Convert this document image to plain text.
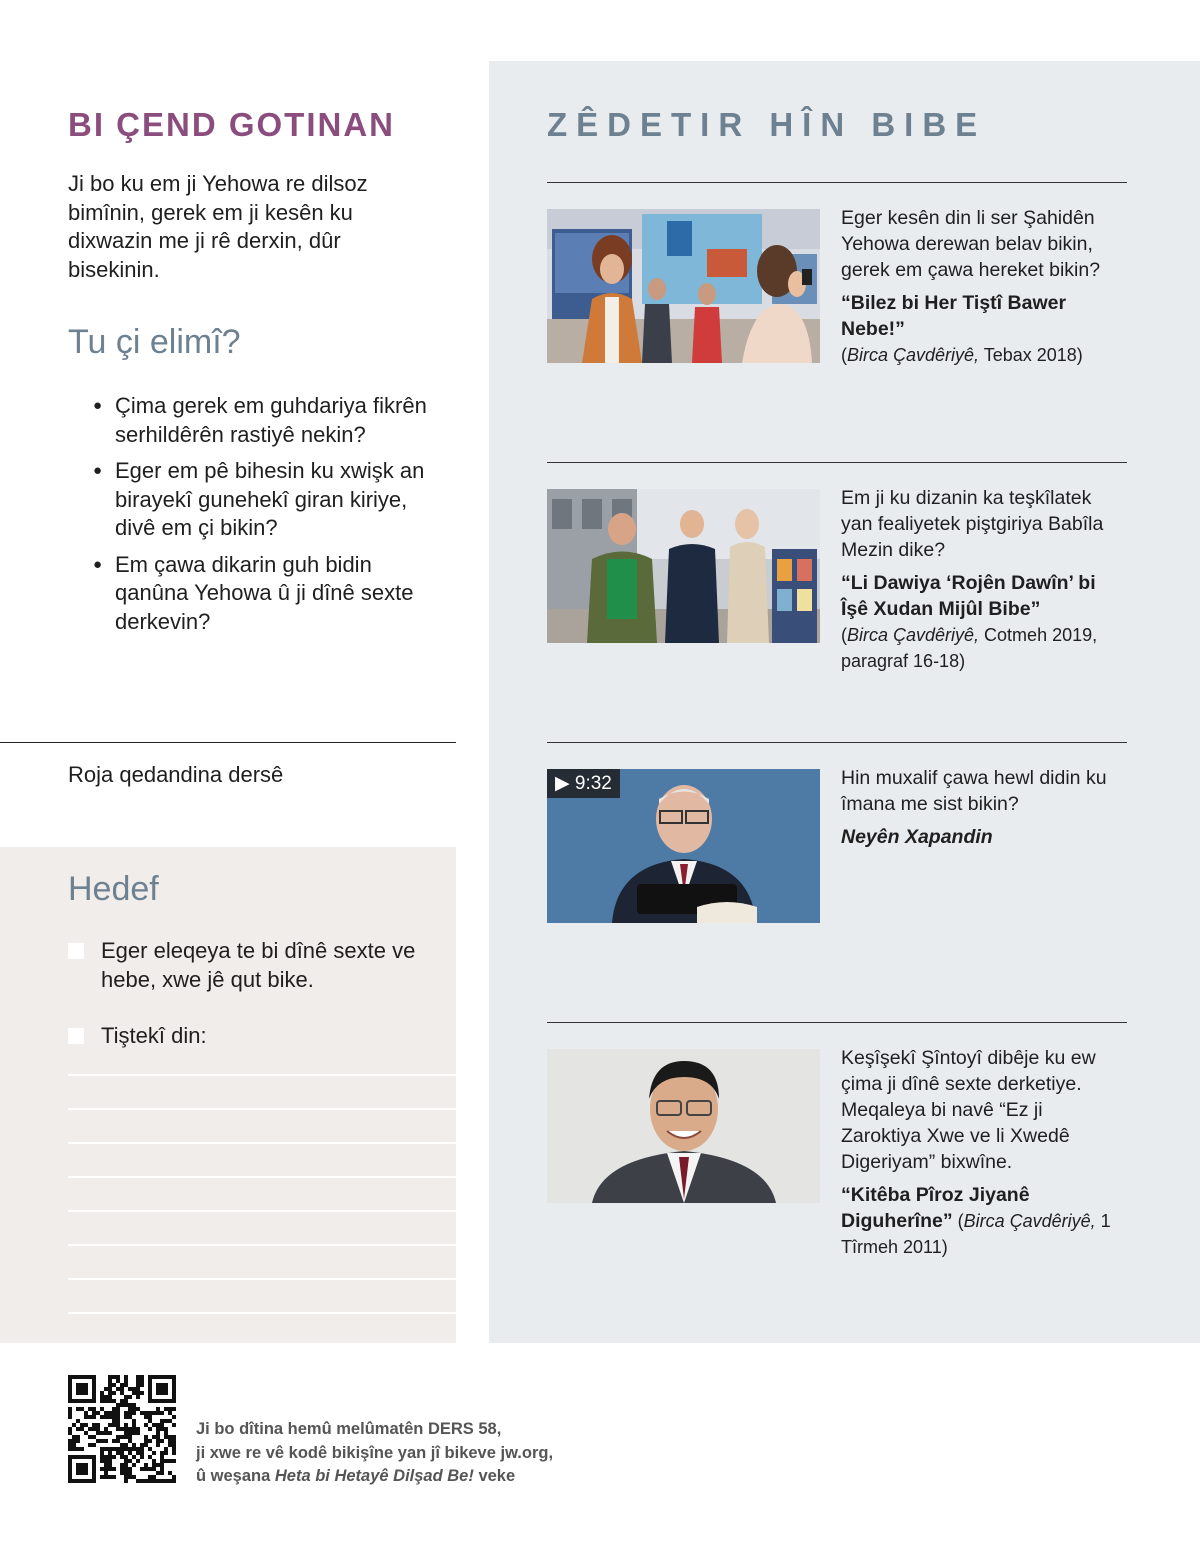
BI ÇEND GOTINAN

Ji bo ku em ji Yehowa re dilsoz bimînin, gerek em ji kesên ku dixwazin me ji rê derxin, dûr bisekinin.

Tu çi elimî?
● Çima gerek em guhdariya fikrên serhildêrên rastiyê nekin?
● Eger em pê bihesin ku xwişk an birayekî gunehekî giran kiriye, divê em çi bikin?
● Em çawa dikarin guh bidin qanûna Yehowa û ji dînê sexte derkevin?
Roja qedandina dersê
Hedef
Eger eleqeya te bi dînê sexte ve hebe, xwe jê qut bike.
Tiştekî din:
ZÊDETIR HÎN BIBE

Eger kesên din li ser Şahidên Yehowa derewan belav bikin, gerek em çawa hereket bikin?

“Bilez bi Her Tiştî Bawer Nebe!”

(Birca Çavdêriyê, Tebax 2018)

Em ji ku dizanin ka teşkîlatek yan fealiyetek piştgiriya Babîla Mezin dike?

“Li Dawiya ‘Rojên Dawîn’ bi Îşê Xudan Mijûl Bibe”

(Birca Çavdêriyê, Cotmeh 2019, paragraf 16-18)

▶ 9:32	Hin muxalif çawa hewl didin ku îmana me sist bikin?

Neyên Xapandin

Keşîşekî Şîntoyî dibêje ku ew çima ji dînê sexte derketiye. Meqaleya bi navê “Ez ji Zaroktiya Xwe ve li Xwedê Digeriyam” bixwîne.

“Kitêba Pîroz Jiyanê Diguherîne” (Birca Çavdêriyê, 1 Tîrmeh 2011)

Ji bo dîtina hemû melûmatên DERS 58,
ji xwe re vê kodê bikişîne yan jî bikeve jw.org,
û weşana Heta bi Hetayê Dilşad Be! veke
